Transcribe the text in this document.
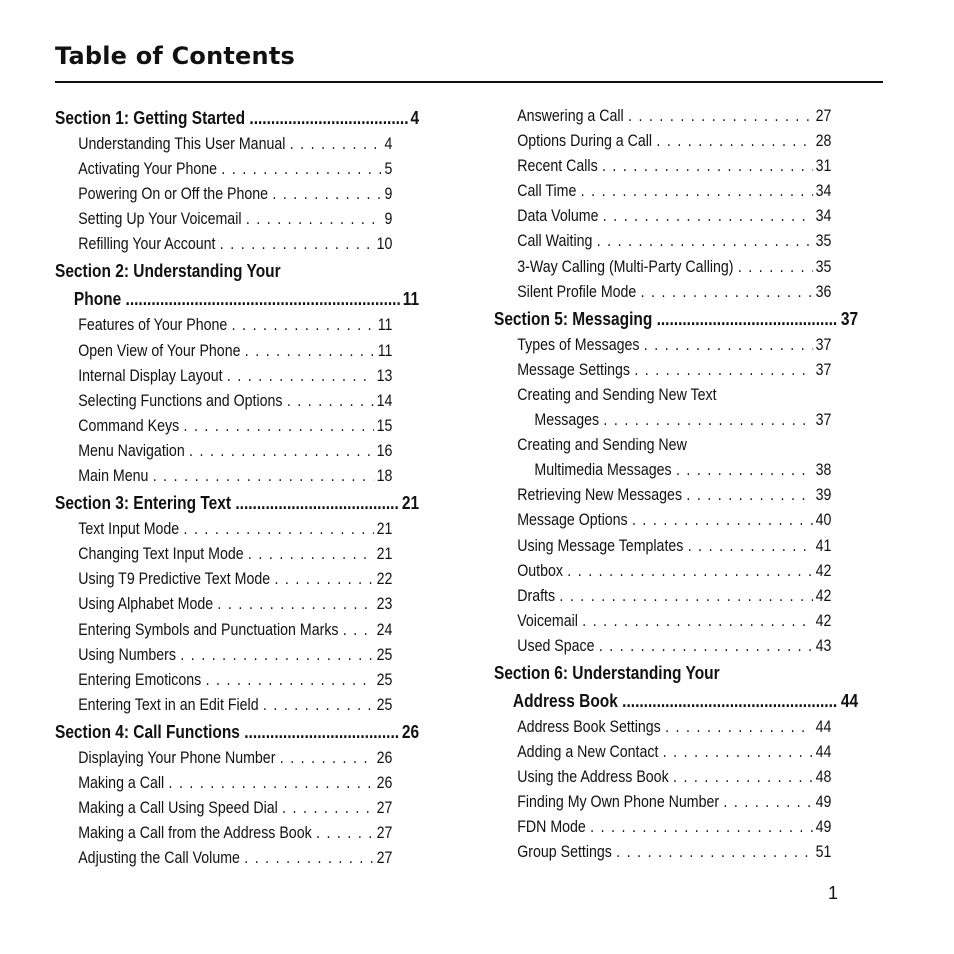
Table of Contents
Section 1: Getting Started .....	4
Understanding This User Manual . . .	4
Activating Your Phone . . .	5
Powering On or Off the Phone . . .	9
Setting Up Your Voicemail . . .	9
Refilling Your Account . . .	10
Section 2: Understanding Your
Phone .....	11
Features of Your Phone . . .	11
Open View of Your Phone . . .	11
Internal Display Layout . . .	13
Selecting Functions and Options . . .	14
Command Keys . . .	15
Menu Navigation . . .	16
Main Menu . . .	18
Section 3: Entering Text .....	21
Text Input Mode . . .	21
Changing Text Input Mode . . .	21
Using T9 Predictive Text Mode . . .	22
Using Alphabet Mode . . .	23
Entering Symbols and Punctuation Marks . . . 24
Using Numbers . . .	25
Entering Emoticons . . .	25
Entering Text in an Edit Field . . .	25
Section 4: Call Functions .....	26
Displaying Your Phone Number . . .	26
Making a Call . . .	26
Making a Call Using Speed Dial . . .	27
Making a Call from the Address Book . . .	27
Adjusting the Call Volume . . .	27
Answering a Call . . .	27
Options During a Call . . .	28
Recent Calls . . .	31
Call Time . . .	34
Data Volume . . .	34
Call Waiting . . .	35
3-Way Calling (Multi-Party Calling) . . .	35
Silent Profile Mode . . .	36
Section 5: Messaging .....	37
Types of Messages . . .	37
Message Settings . . .	37
Creating and Sending New Text
Messages . . .	37
Creating and Sending New
Multimedia Messages . . .	38
Retrieving New Messages . . .	39
Message Options . . .	40
Using Message Templates . . .	41
Outbox . . .	42
Drafts . . .	42
Voicemail . . .	42
Used Space . . .	43
Section 6: Understanding Your
Address Book .....	44
Address Book Settings . . .	44
Adding a New Contact . . .	44
Using the Address Book . . .	48
Finding My Own Phone Number . . .	49
FDN Mode . . .	49
Group Settings . . .	51
1
